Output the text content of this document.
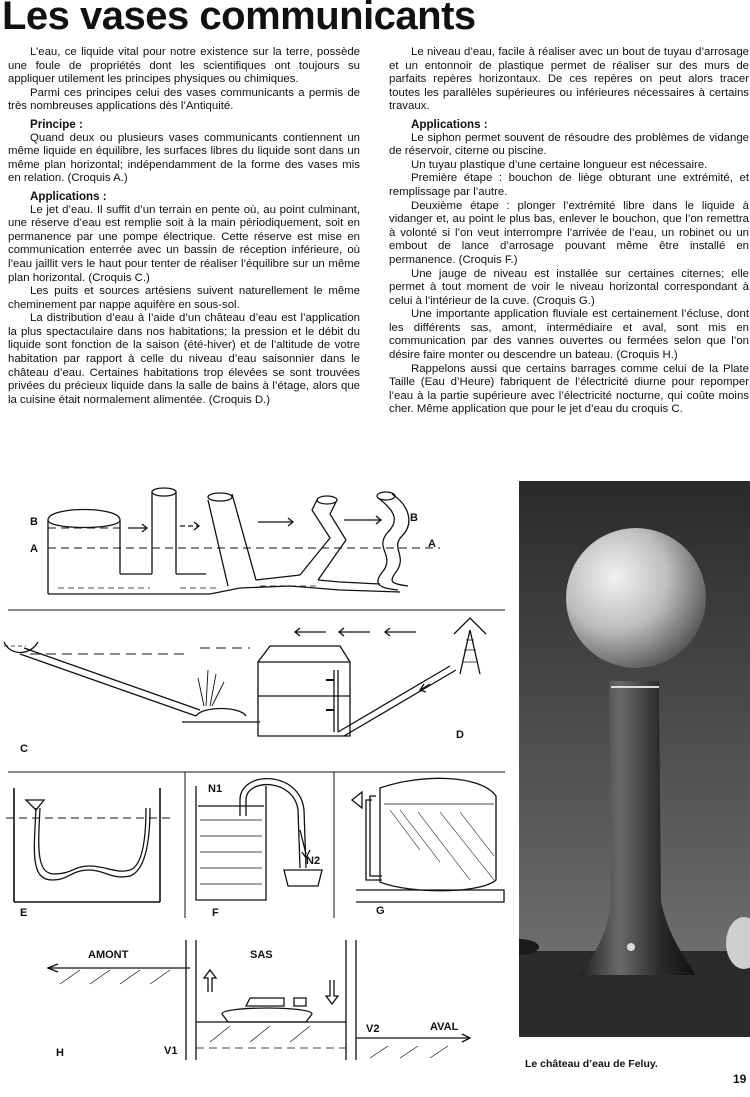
Les vases communicants

L’eau, ce liquide vital pour notre existence sur la terre, possède une foule de propriétés dont les scientifiques ont toujours su appliquer utilement les principes physiques ou chimiques.

Parmi ces principes celui des vases communicants a permis de très nombreuses applications dès l’Antiquité.

Principe :

Quand deux ou plusieurs vases communicants contiennent un même liquide en équilibre, les surfaces libres du liquide sont dans un même plan horizontal; indépendamment de la forme des vases mis en relation. (Croquis A.)

Applications :

Le jet d’eau. Il suffit d’un terrain en pente où, au point culminant, une réserve d’eau est remplie soit à la main périodiquement, soit en permanence par une pompe électrique. Cette réserve est mise en communication enterrée avec un bassin de réception inférieure, où l’eau jaillit vers le haut pour tenter de réaliser l’équilibre sur un même plan horizontal. (Croquis C.)

Les puits et sources artésiens suivent naturellement le même cheminement par nappe aquifère en sous-sol.

La distribution d’eau à l’aide d’un château d’eau est l’application la plus spectaculaire dans nos habitations; la pression et le débit du liquide sont fonction de la saison (été-hiver) et de l’altitude de votre habitation par rapport à celle du niveau d’eau saisonnier dans le château d’eau. Certaines habitations trop élevées se sont trouvées privées du précieux liquide dans la salle de bains à l’étage, alors que la cuisine était normalement alimentée. (Croquis D.)

Le niveau d’eau, facile à réaliser avec un bout de tuyau d’arrosage et un entonnoir de plastique permet de réaliser sur des murs de parfaits repères horizontaux. De ces repères on peut alors tracer toutes les parallèles supérieures ou inférieures nécessaires à certains travaux.

Applications :

Le siphon permet souvent de résoudre des problèmes de vidange de réservoir, citerne ou piscine.

Un tuyau plastique d’une certaine longueur est nécessaire.

Première étape : bouchon de liège obturant une extrémité, et remplissage par l’autre.

Deuxième étape : plonger l’extrémité libre dans le liquide à vidanger et, au point le plus bas, enlever le bouchon, que l’on remettra à volonté si l’on veut interrompre l’arrivée de l’eau, un robinet ou un embout de lance d’arrosage pouvant même être installé en permanence. (Croquis F.)

Une jauge de niveau est installée sur certaines citernes; elle permet à tout moment de voir le niveau horizontal correspondant à celui à l’intérieur de la cuve. (Croquis G.)

Une importante application fluviale est certainement l’écluse, dont les différents sas, amont, intermédiaire et aval, sont mis en communication par des vannes ouvertes ou fermées selon que l’on désire faire monter ou descendre un bateau. (Croquis H.)

Rappelons aussi que certains barrages comme celui de la Plate Taille (Eau d’Heure) fabriquent de l’électricité diurne pour repomper l’eau à la partie supérieure avec l’électricité nocturne, qui coûte moins cher. Même application que pour le jet d’eau du croquis C.

B	B
A	A
C
D
E
N1
N2
F	G
AMONT	SAS
AVAL
V1
V2
H
Le château d’eau de Feluy.
19
